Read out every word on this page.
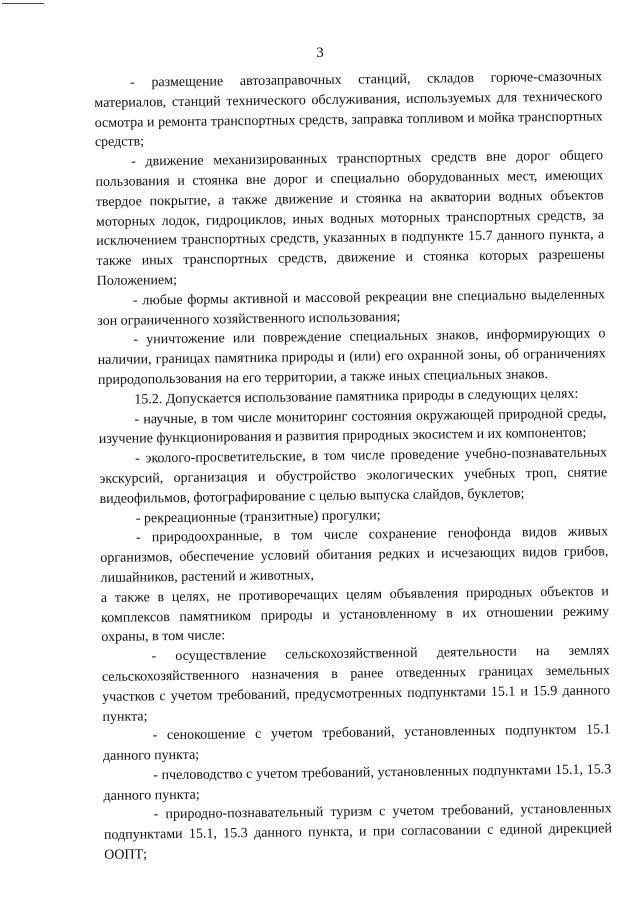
3

- размещение автозаправочных станций, складов горюче-смазочных материалов, станций технического обслуживания, используемых для технического осмотра и ремонта транспортных средств, заправка топливом и мойка транспортных средств;

- движение механизированных транспортных средств вне дорог общего пользования и стоянка вне дорог и специально оборудованных мест, имеющих твердое покрытие, а также движение и стоянка на акватории водных объектов моторных лодок, гидроциклов, иных водных моторных транспортных средств, за исключением транспортных средств, указанных в подпункте 15.7 данного пункта, а также иных транспортных средств, движение и стоянка которых разрешены Положением;

- любые формы активной и массовой рекреации вне специально выделенных зон ограниченного хозяйственного использования;

- уничтожение или повреждение специальных знаков, информирующих о наличии, границах памятника природы и (или) его охранной зоны, об ограничениях природопользования на его территории, а также иных специальных знаков.

15.2. Допускается использование памятника природы в следующих целях:

- научные, в том числе мониторинг состояния окружающей природной среды, изучение функционирования и развития природных экосистем и их компонентов;

- эколого-просветительские, в том числе проведение учебно-познавательных экскурсий, организация и обустройство экологических учебных троп, снятие видеофильмов, фотографирование с целью выпуска слайдов, буклетов;

- рекреационные (транзитные) прогулки;

- природоохранные, в том числе сохранение генофонда видов живых организмов, обеспечение условий обитания редких и исчезающих видов грибов, лишайников, растений и животных,

а также в целях, не противоречащих целям объявления природных объектов и комплексов памятником природы и установленному в их отношении режиму охраны, в том числе:

- осуществление сельскохозяйственной деятельности на землях сельскохозяйственного назначения в ранее отведенных границах земельных участков с учетом требований, предусмотренных подпунктами 15.1 и 15.9 данного пункта;

- сенокошение с учетом требований, установленных подпунктом 15.1 данного пункта;

- пчеловодство с учетом требований, установленных подпунктами 15.1, 15.3 данного пункта;

- природно-познавательный туризм с учетом требований, установленных подпунктами 15.1, 15.3 данного пункта, и при согласовании с единой дирекцией ООПТ;
